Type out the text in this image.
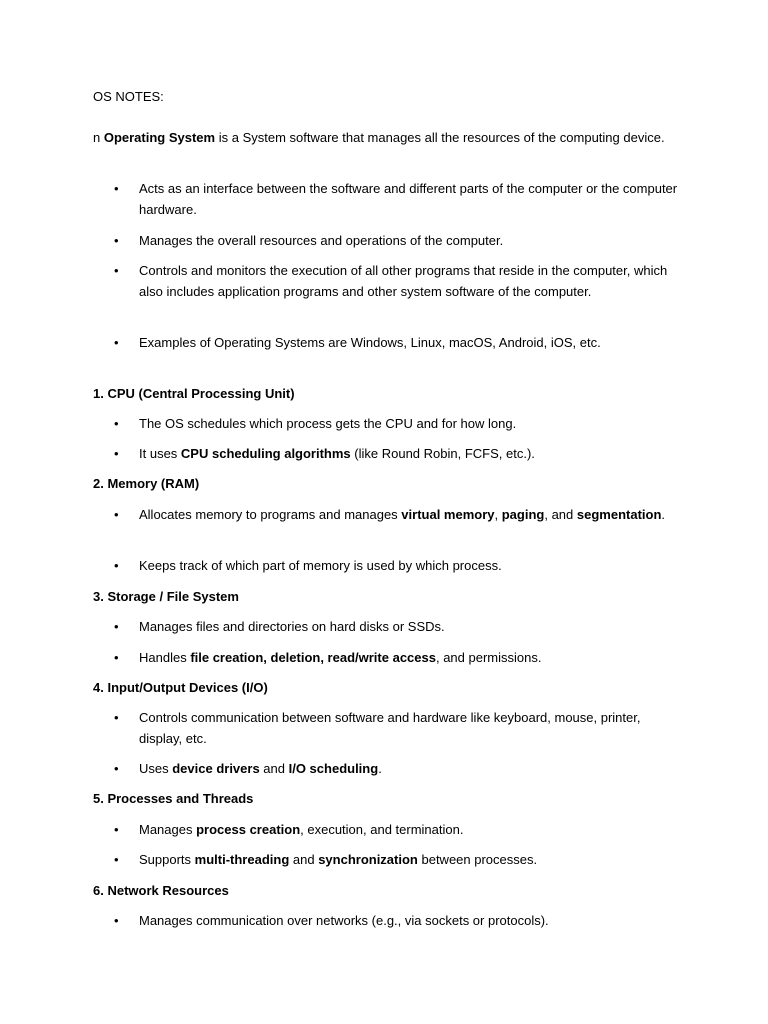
OS NOTES:
n Operating System is a System software that manages all the resources of the computing device.
• Acts as an interface between the software and different parts of the computer or the computer hardware.
• Manages the overall resources and operations of the computer.
• Controls and monitors the execution of all other programs that reside in the computer, which also includes application programs and other system software of the computer.
• Examples of Operating Systems are Windows, Linux, macOS, Android, iOS, etc.
1. CPU (Central Processing Unit)
• The OS schedules which process gets the CPU and for how long.
• It uses CPU scheduling algorithms (like Round Robin, FCFS, etc.).
2. Memory (RAM)
• Allocates memory to programs and manages virtual memory, paging, and segmentation.
• Keeps track of which part of memory is used by which process.
3. Storage / File System
• Manages files and directories on hard disks or SSDs.
• Handles file creation, deletion, read/write access, and permissions.
4. Input/Output Devices (I/O)
• Controls communication between software and hardware like keyboard, mouse, printer, display, etc.
• Uses device drivers and I/O scheduling.
5. Processes and Threads
• Manages process creation, execution, and termination.
• Supports multi-threading and synchronization between processes.
6. Network Resources
• Manages communication over networks (e.g., via sockets or protocols).
